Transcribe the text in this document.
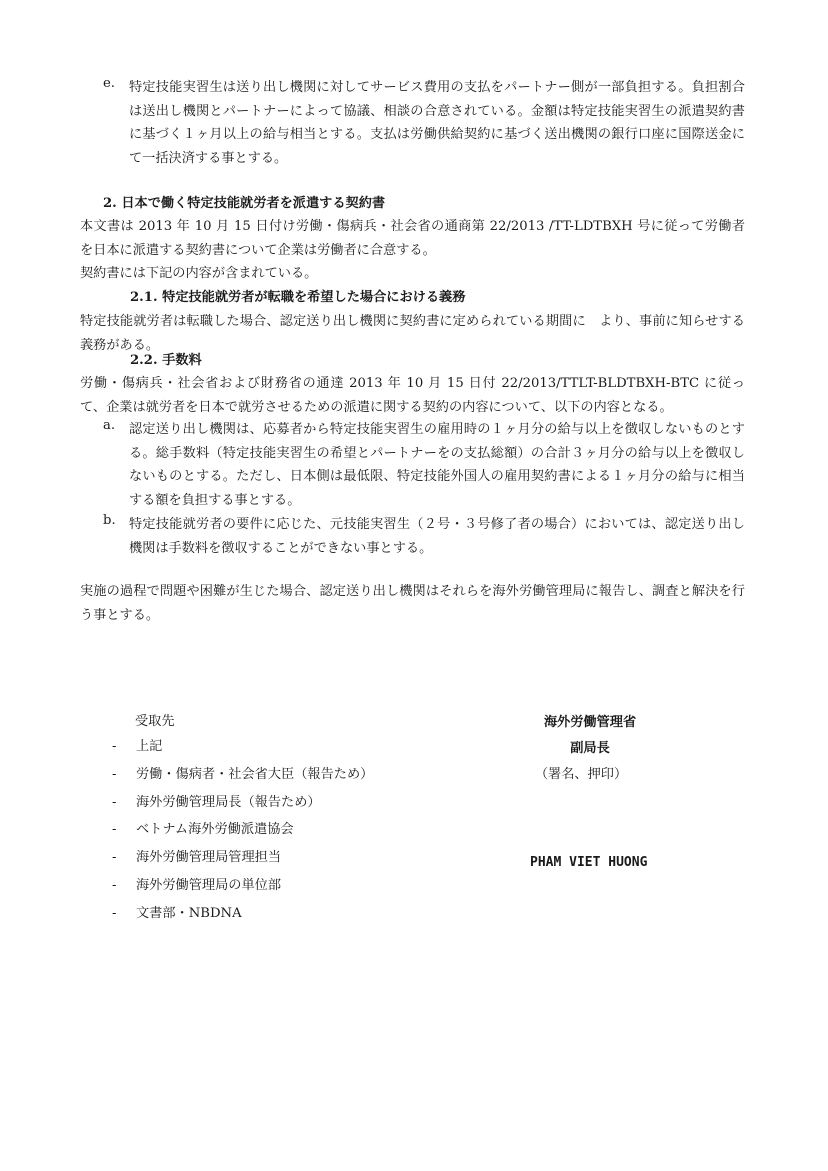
e. 特定技能実習生は送り出し機関に対してサービス費用の支払をパートナー側が一部負担する。負担割合は送出し機関とパートナーによって協議、相談の合意されている。金額は特定技能実習生の派遣契約書に基づく１ヶ月以上の給与相当とする。支払は労働供給契約に基づく送出機関の銀行口座に国際送金にて一括決済する事とする。
2. 日本で働く特定技能就労者を派遣する契約書
本文書は 2013 年 10 月 15 日付け労働・傷病兵・社会省の通商第 22/2013 /TT-LDTBXH 号に従って労働者を日本に派遣する契約書について企業は労働者に合意する。
契約書には下記の内容が含まれている。
2.1. 特定技能就労者が転職を希望した場合における義務
特定技能就労者は転職した場合、認定送り出し機関に契約書に定められている期間に　より、事前に知らせする義務がある。
2.2. 手数料
労働・傷病兵・社会省および財務省の通達 2013 年 10 月 15 日付 22/2013/TTLT-BLDTBXH-BTC に従って、企業は就労者を日本で就労させるための派遣に関する契約の内容について、以下の内容となる。
a. 認定送り出し機関は、応募者から特定技能実習生の雇用時の１ヶ月分の給与以上を徴収しないものとする。総手数料（特定技能実習生の希望とパートナーをの支払総額）の合計３ヶ月分の給与以上を徴収しないものとする。ただし、日本側は最低限、特定技能外国人の雇用契約書による１ヶ月分の給与に相当する額を負担する事とする。
b. 特定技能就労者の要件に応じた、元技能実習生（２号・３号修了者の場合）においては、認定送り出し機関は手数料を徴収することができない事とする。
実施の過程で問題や困難が生じた場合、認定送り出し機関はそれらを海外労働管理局に報告し、調査と解決を行う事とする。
受取先
-	上記
-	労働・傷病者・社会省大臣（報告ため）
-	海外労働管理局長（報告ため）
-	ベトナム海外労働派遣協会
-	海外労働管理局管理担当
-	海外労働管理局の単位部
-	文書部・NBDNA
海外労働管理省
副局長
（署名、押印）
PHAM VIET HUONG
